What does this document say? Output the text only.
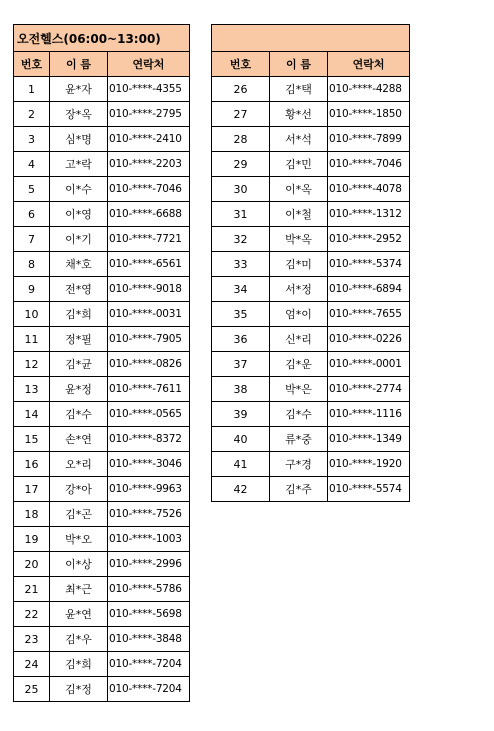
오전헬스(06:00~13:00)		
번호	이 름	연락처
1	윤*자	010-****-4355
2	장*옥	010-****-2795
3	심*명	010-****-2410
4	고*락	010-****-2203
5	이*수	010-****-7046
6	이*영	010-****-6688
7	이*기	010-****-7721
8	채*호	010-****-6561
9	전*영	010-****-9018
10	김*희	010-****-0031
11	정*필	010-****-7905
12	김*균	010-****-0826
13	윤*정	010-****-7611
14	김*수	010-****-0565
15	손*연	010-****-8372
16	오*리	010-****-3046
17	강*아	010-****-9963
18	김*곤	010-****-7526
19	박*오	010-****-1003
20	이*상	010-****-2996
21	최*근	010-****-5786
22	윤*연	010-****-5698
23	김*우	010-****-3848
24	김*희	010-****-7204
25	김*정	010-****-7204

번호	이 름	연락처
26	김*택	010-****-4288
27	황*선	010-****-1850
28	서*석	010-****-7899
29	김*민	010-****-7046
30	이*옥	010-****-4078
31	이*철	010-****-1312
32	박*옥	010-****-2952
33	김*미	010-****-5374
34	서*정	010-****-6894
35	엄*이	010-****-7655
36	신*리	010-****-0226
37	김*운	010-****-0001
38	박*은	010-****-2774
39	김*수	010-****-1116
40	류*중	010-****-1349
41	구*경	010-****-1920
42	김*주	010-****-5574
